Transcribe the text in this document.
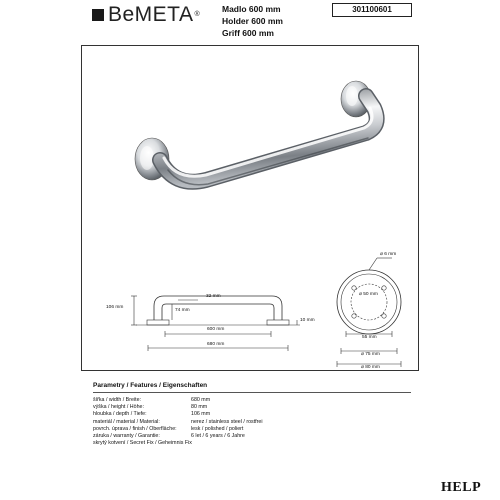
BeMETA ®
Madlo 600 mm
Holder 600 mm
Griff 600 mm
301100601
32 mm
106 mm
74 mm
600 mm
680 mm
10 mm
⌀ 6 mm
⌀ 50 mm
55 mm
⌀ 75 mm
⌀ 80 mm
Parametry / Features / Eigenschaften
šířka / width / Breite:	680 mm
výška / height / Höhe:	80 mm
hloubka / depth / Tiefe:	106 mm
materiál / material / Material:	nerez / stainless steel / rostfrei
povrch. úprava / finish / Oberfläche:	lesk / polished / poliert
záruka / warranty / Garantie:	6 let / 6 years / 6 Jahre
skrytý kotvení / Secret Fix / Geheimnis Fix	
HELP
